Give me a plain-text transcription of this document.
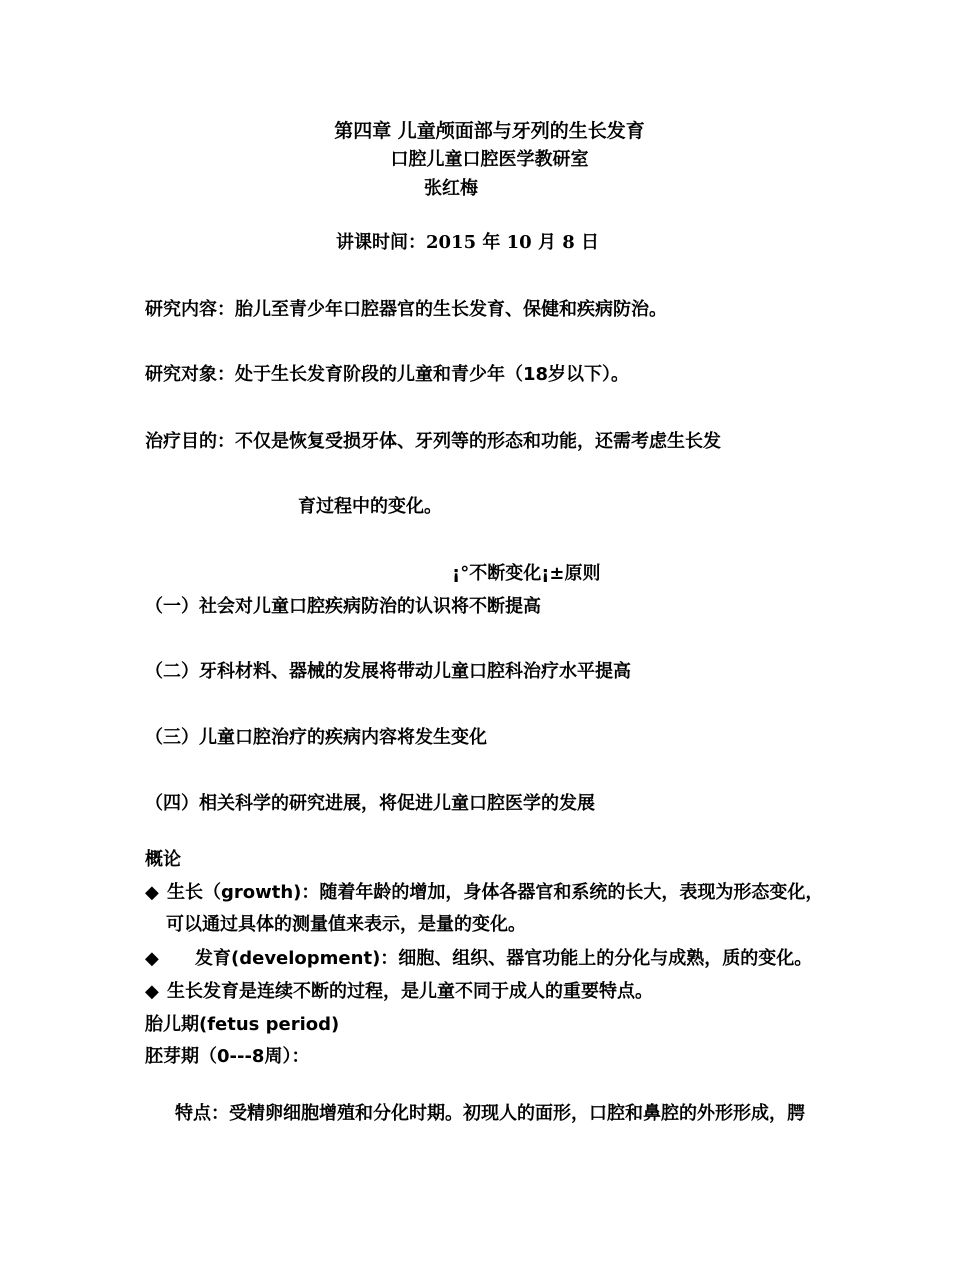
第四章 儿童颅面部与牙列的生长发育
口腔儿童口腔医学教研室
张红梅
讲课时间：2015 年 10 月 8 日
研究内容：胎儿至青少年口腔器官的生长发育、保健和疾病防治。
研究对象：处于生长发育阶段的儿童和青少年（18岁以下）。
治疗目的：不仅是恢复受损牙体、牙列等的形态和功能，还需考虑生长发
育过程中的变化。
¡°不断变化¡±原则
（一）社会对儿童口腔疾病防治的认识将不断提高
（二）牙科材料、器械的发展将带动儿童口腔科治疗水平提高
（三）儿童口腔治疗的疾病内容将发生变化
（四）相关科学的研究进展，将促进儿童口腔医学的发展
概论
◆ 生长（growth)：随着年龄的增加，身体各器官和系统的长大，表现为形态变化，
可以通过具体的测量值来表示，是量的变化。
◆ 发育(development)：细胞、组织、器官功能上的分化与成熟，质的变化。
◆ 生长发育是连续不断的过程，是儿童不同于成人的重要特点。
胎儿期(fetus period)
胚芽期（0---8周）：
特点：受精卵细胞增殖和分化时期。初现人的面形，口腔和鼻腔的外形形成，腭
